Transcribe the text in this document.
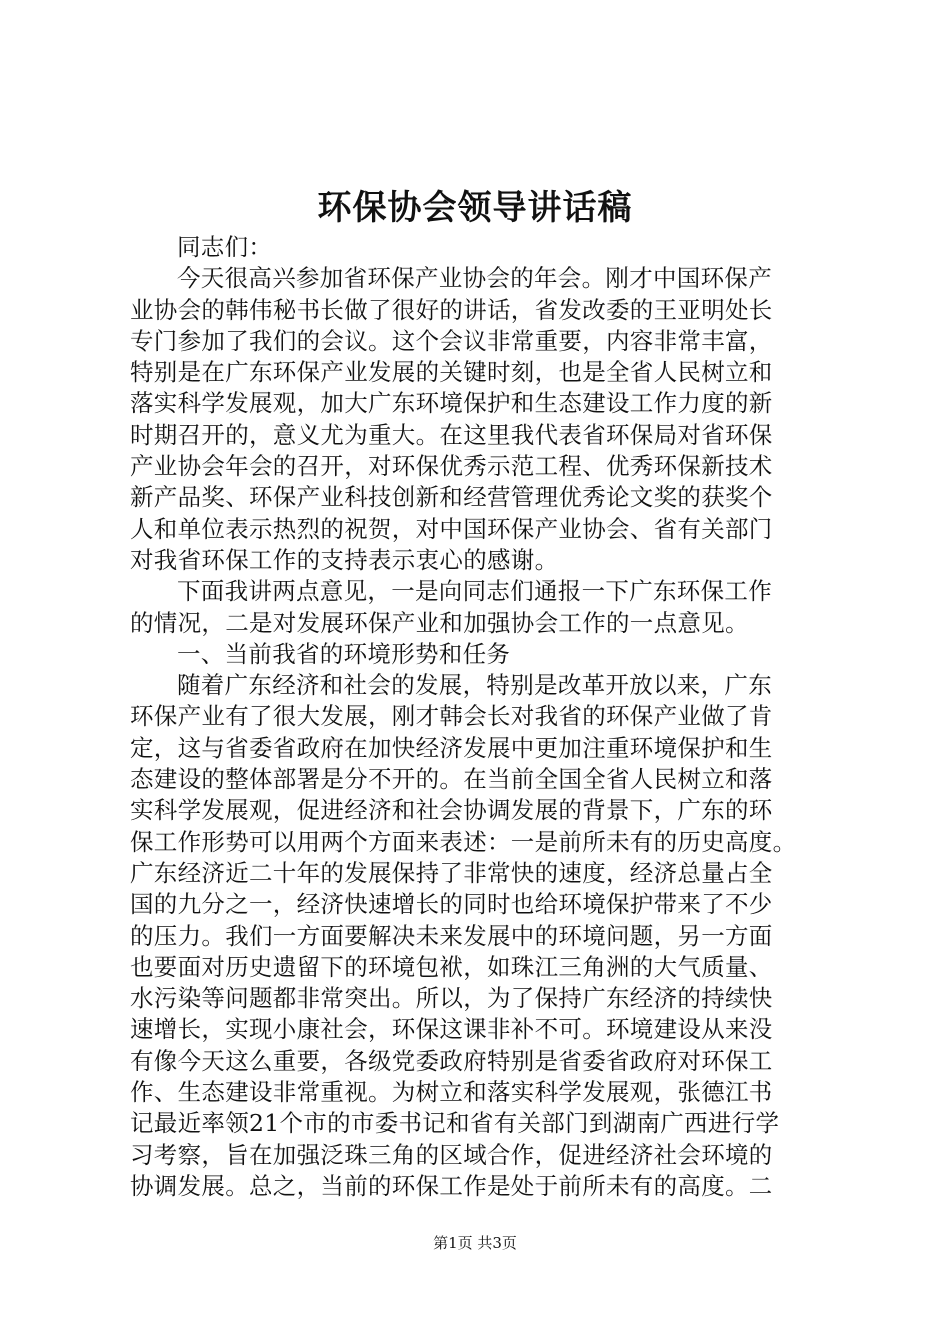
环保协会领导讲话稿
同志们：
今天很高兴参加省环保产业协会的年会。刚才中国环保产
业协会的韩伟秘书长做了很好的讲话，省发改委的王亚明处长
专门参加了我们的会议。这个会议非常重要，内容非常丰富，
特别是在广东环保产业发展的关键时刻，也是全省人民树立和
落实科学发展观，加大广东环境保护和生态建设工作力度的新
时期召开的，意义尤为重大。在这里我代表省环保局对省环保
产业协会年会的召开，对环保优秀示范工程、优秀环保新技术
新产品奖、环保产业科技创新和经营管理优秀论文奖的获奖个
人和单位表示热烈的祝贺，对中国环保产业协会、省有关部门
对我省环保工作的支持表示衷心的感谢。
下面我讲两点意见，一是向同志们通报一下广东环保工作
的情况，二是对发展环保产业和加强协会工作的一点意见。
一、当前我省的环境形势和任务
随着广东经济和社会的发展，特别是改革开放以来，广东
环保产业有了很大发展，刚才韩会长对我省的环保产业做了肯
定，这与省委省政府在加快经济发展中更加注重环境保护和生
态建设的整体部署是分不开的。在当前全国全省人民树立和落
实科学发展观，促进经济和社会协调发展的背景下，广东的环
保工作形势可以用两个方面来表述：一是前所未有的历史高度。
广东经济近二十年的发展保持了非常快的速度，经济总量占全
国的九分之一，经济快速增长的同时也给环境保护带来了不少
的压力。我们一方面要解决未来发展中的环境问题，另一方面
也要面对历史遗留下的环境包袱，如珠江三角洲的大气质量、
水污染等问题都非常突出。所以，为了保持广东经济的持续快
速增长，实现小康社会，环保这课非补不可。环境建设从来没
有像今天这么重要，各级党委政府特别是省委省政府对环保工
作、生态建设非常重视。为树立和落实科学发展观，张德江书
记最近率领21个市的市委书记和省有关部门到湖南广西进行学
习考察，旨在加强泛珠三角的区域合作，促进经济社会环境的
协调发展。总之，当前的环保工作是处于前所未有的高度。二
第1页 共3页
